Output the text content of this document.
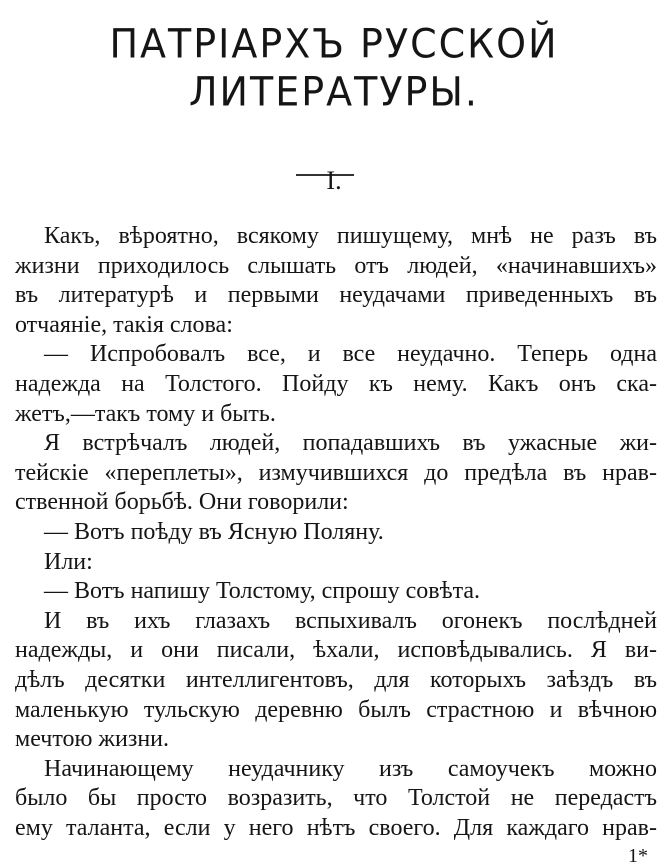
ПАТРІАРХЪ РУССКОЙ
ЛИТЕРАТУРЫ.
I.
Какъ, вѣроятно, всякому пишущему, мнѣ не разъ въ
жизни приходилось слышать отъ людей, «начинавшихъ»
въ литературѣ и первыми неудачами приведенныхъ въ
отчаяніе, такія слова:
— Испробовалъ все, и все неудачно. Теперь одна
надежда на Толстого. Пойду къ нему. Какъ онъ ска-
жетъ,—такъ тому и быть.
Я встрѣчалъ людей, попадавшихъ въ ужасные жи-
тейскіе «переплеты», измучившихся до предѣла въ нрав-
ственной борьбѣ. Они говорили:
— Вотъ поѣду въ Ясную Поляну.
Или:
— Вотъ напишу Толстому, спрошу совѣта.
И въ ихъ глазахъ вспыхивалъ огонекъ послѣдней
надежды, и они писали, ѣхали, исповѣдывались. Я ви-
дѣлъ десятки интеллигентовъ, для которыхъ заѣздъ въ
маленькую тульскую деревню былъ страстною и вѣчною
мечтою жизни.
Начинающему неудачнику изъ самоучекъ можно
было бы просто возразить, что Толстой не передастъ
ему таланта, если у него нѣтъ своего. Для каждаго нрав-
1*
